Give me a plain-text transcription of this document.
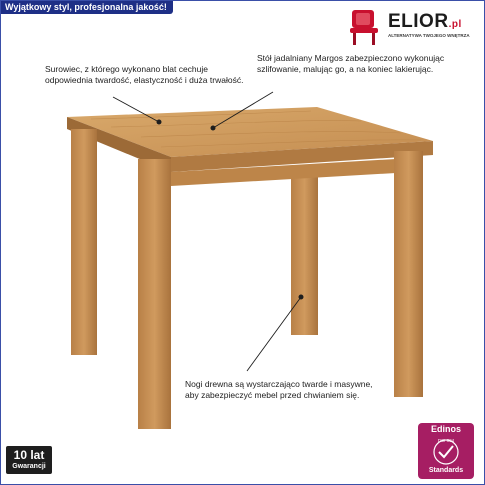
Wyjątkowy styl, profesjonalna jakość!
ELIOR.pl
ALTERNATYWA TWOJEGO WNĘTRZA
Surowiec, z którego wykonano blat cechuje odpowiednia twardość, elastyczność i duża trwałość.
Stół jadalniany Margos zabezpieczono wykonując szlifowanie, malując go, a na koniec lakierując.
Nogi drewna są wystarczająco twarde i masywne, aby zabezpieczyć mebel przed chwianiem się.
10 lat
Gwarancji
DSI 804
Edinos
Standards
